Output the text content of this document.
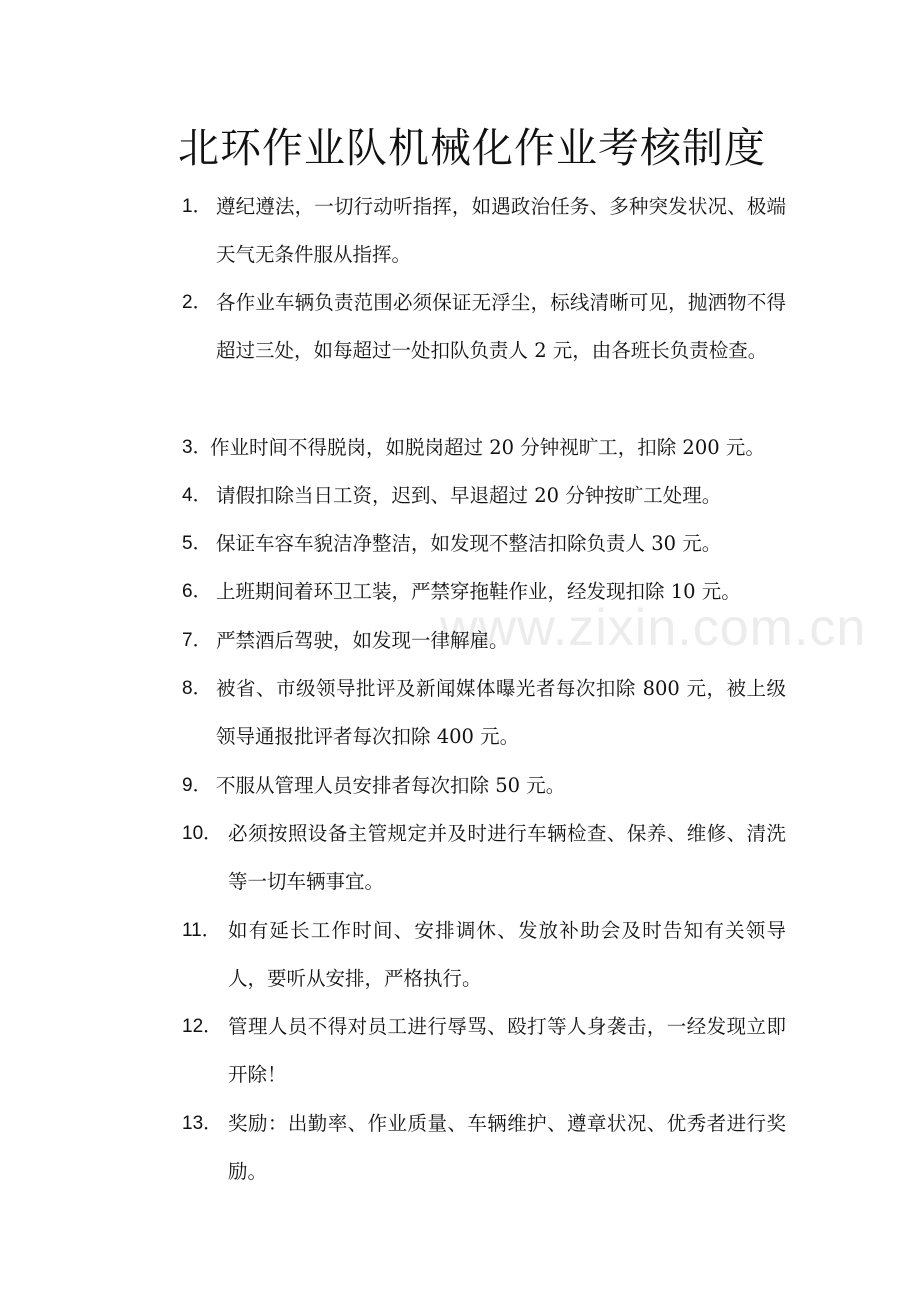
北环作业队机械化作业考核制度
www.zixin.com.cn
1． 遵纪遵法，一切行动听指挥，如遇政治任务、多种突发状况、极端天气无条件服从指挥。
2． 各作业车辆负责范围必须保证无浮尘，标线清晰可见，抛洒物不得超过三处，如每超过一处扣队负责人 2 元，由各班长负责检查。
3．
作业时间不得脱岗，如脱岗超过 20 分钟视旷工，扣除 200 元。
4． 请假扣除当日工资，迟到、早退超过 20 分钟按旷工处理。
5． 保证车容车貌洁净整洁，如发现不整洁扣除负责人 30 元。
6． 上班期间着环卫工装，严禁穿拖鞋作业，经发现扣除 10 元。
7． 严禁酒后驾驶，如发现一律解雇。
8． 被省、市级领导批评及新闻媒体曝光者每次扣除 800 元，被上级领导通报批评者每次扣除 400 元。
9． 不服从管理人员安排者每次扣除 50 元。
10． 必须按照设备主管规定并及时进行车辆检查、保养、维修、清洗等一切车辆事宜。
11． 如有延长工作时间、安排调休、发放补助会及时告知有关领导人，要听从安排，严格执行。
12． 管理人员不得对员工进行辱骂、殴打等人身袭击，一经发现立即开除！
13． 奖励：出勤率、作业质量、车辆维护、遵章状况、优秀者进行奖励。
